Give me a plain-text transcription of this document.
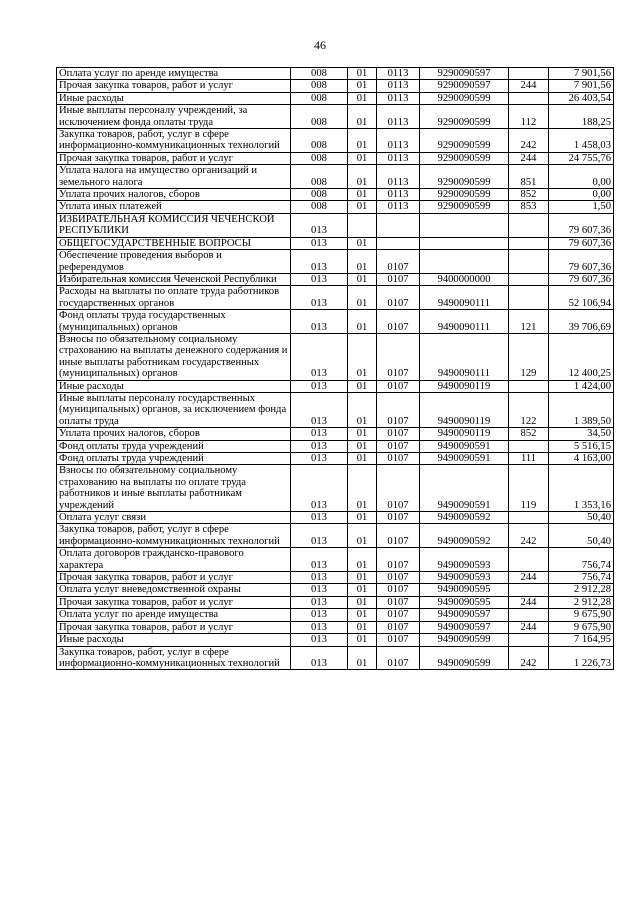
46
Оплата услуг по аренде имущества	008	01	0113	9290090597		7 901,56
Прочая закупка товаров, работ и услуг	008	01	0113	9290090597	244	7 901,56
Иные расходы	008	01	0113	9290090599		26 403,54
Иные выплаты персоналу учреждений, за исключением фонда оплаты труда	008	01	0113	9290090599	112	188,25
Закупка товаров, работ, услуг в сфере информационно-коммуникационных технологий	008	01	0113	9290090599	242	1 458,03
Прочая закупка товаров, работ и услуг	008	01	0113	9290090599	244	24 755,76
Уплата налога на имущество организаций и земельного налога	008	01	0113	9290090599	851	0,00
Уплата прочих налогов, сборов	008	01	0113	9290090599	852	0,00
Уплата иных платежей	008	01	0113	9290090599	853	1,50
ИЗБИРАТЕЛЬНАЯ КОМИССИЯ ЧЕЧЕНСКОЙ РЕСПУБЛИКИ	013					79 607,36
ОБЩЕГОСУДАРСТВЕННЫЕ ВОПРОСЫ	013	01				79 607,36
Обеспечение проведения выборов и референдумов	013	01	0107			79 607,36
Избирательная комиссия Чеченской Республики	013	01	0107	9400000000		79 607,36
Расходы на выплаты по оплате труда работников государственных органов	013	01	0107	9490090111		52 106,94
Фонд оплаты труда государственных (муниципальных) органов	013	01	0107	9490090111	121	39 706,69
Взносы по обязательному социальному страхованию на выплаты денежного содержания и иные выплаты работникам государственных (муниципальных) органов	013	01	0107	9490090111	129	12 400,25
Иные расходы	013	01	0107	9490090119		1 424,00
Иные выплаты персоналу государственных (муниципальных) органов, за исключением фонда оплаты труда	013	01	0107	9490090119	122	1 389,50
Уплата прочих налогов, сборов	013	01	0107	9490090119	852	34,50
Фонд оплаты труда учреждений	013	01	0107	9490090591		5 516,15
Фонд оплаты труда учреждений	013	01	0107	9490090591	111	4 163,00
Взносы по обязательному социальному страхованию на выплаты по оплате труда работников и иные выплаты работникам учреждений	013	01	0107	9490090591	119	1 353,16
Оплата услуг связи	013	01	0107	9490090592		50,40
Закупка товаров, работ, услуг в сфере информационно-коммуникационных технологий	013	01	0107	9490090592	242	50,40
Оплата договоров гражданско-правового характера	013	01	0107	9490090593		756,74
Прочая закупка товаров, работ и услуг	013	01	0107	9490090593	244	756,74
Оплата услуг вневедомственной охраны	013	01	0107	9490090595		2 912,28
Прочая закупка товаров, работ и услуг	013	01	0107	9490090595	244	2 912,28
Оплата услуг по аренде имущества	013	01	0107	9490090597		9 675,90
Прочая закупка товаров, работ и услуг	013	01	0107	9490090597	244	9 675,90
Иные расходы	013	01	0107	9490090599		7 164,95
Закупка товаров, работ, услуг в сфере информационно-коммуникационных технологий	013	01	0107	9490090599	242	1 226,73
